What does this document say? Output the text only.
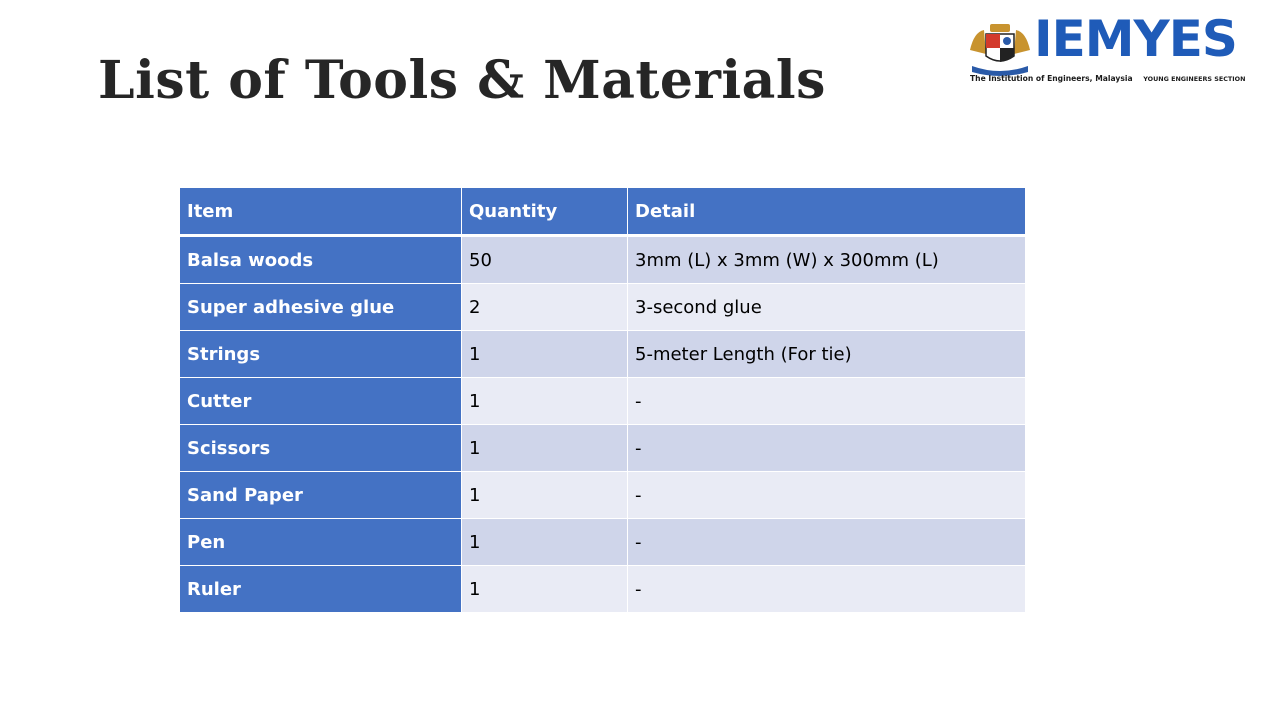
List of Tools & Materials
IEMYES
The Institution of Engineers, Malaysia YOUNG ENGINEERS SECTION
Item	Quantity	Detail
Balsa woods	50	3mm (L) x 3mm (W) x 300mm (L)
Super adhesive glue	2	3-second glue
Strings	1	5-meter Length (For tie)
Cutter	1	-
Scissors	1	-
Sand Paper	1	-
Pen	1	-
Ruler	1	-
